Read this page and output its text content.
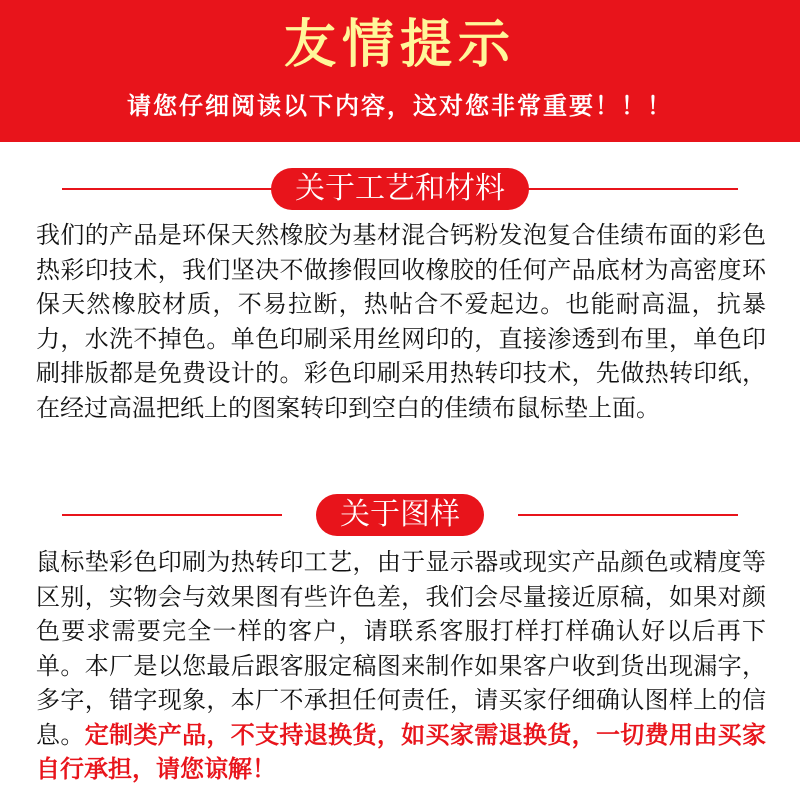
友情提示
请您仔细阅读以下内容，这对您非常重要！！！
关于工艺和材料

我们的产品是环保天然橡胶为基材混合钙粉发泡复合佳绩布面的彩色热彩印技术，我们坚决不做掺假回收橡胶的任何产品底材为高密度环保天然橡胶材质，不易拉断，热帖合不爱起边。也能耐高温，抗暴力，水洗不掉色。单色印刷采用丝网印的，直接渗透到布里，单色印刷排版都是免费设计的。彩色印刷采用热转印技术，先做热转印纸，在经过高温把纸上的图案转印到空白的佳绩布鼠标垫上面。

关于图样

鼠标垫彩色印刷为热转印工艺，由于显示器或现实产品颜色或精度等区别，实物会与效果图有些许色差，我们会尽量接近原稿，如果对颜色要求需要完全一样的客户，请联系客服打样打样确认好以后再下单。本厂是以您最后跟客服定稿图来制作如果客户收到货出现漏字，多字，错字现象，本厂不承担任何责任，请买家仔细确认图样上的信息。定制类产品，不支持退换货，如买家需退换货，一切费用由买家自行承担，请您谅解！
